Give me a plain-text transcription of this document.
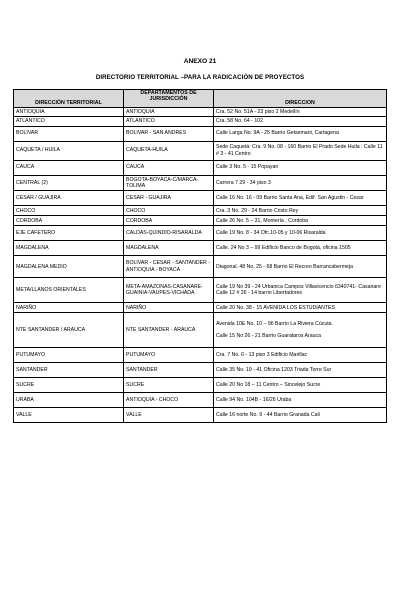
ANEXO 21
DIRECTORIO TERRITORIAL –PARA LA RADICACIÓN DE PROYECTOS
DIRECCIÓN TERRITORIAL	DEPARTAMENTOS DE JURISDICCIÓN	DIRECCION
ANTIOQUIA	ANTIOQUIA	Cra. 52 No. 51A - 23 piso 2 Medellín

ATLANTICO	ATLANTICO	Cra. 58 No. 64 - 102

BOLIVAR	BOLIVAR - SAN ANDRES	Calle Larga No. 9A - 25 Barrio Getsemani, Cartagena

CAQUETA / HUILA	CAQUETA-HUILA	Sede Caquetá: Cra. 9 No. 08 - 160 Barrio El Prado Sede Huila : Calle 11 # 3 - 41 Centro

CAUCA	CAUCA	Calle 3 No. 5 - 15 Popayan

CENTRAL (2)	BOGOTA-BOYACA-C/MARCA-TOLIMA	Carrera 7 29 - 34 piso 3

CESAR / GUAJIRA	CESAR - GUAJIRA	Calle 16 No. 16 - 09 Barrio Santa Ana, Edif. San Agustin - Cesar

CHOCO	CHOCO	Cra. 3 No. 29 - 24 Barrio Cristo Rey

CORDOBA	CORDOBA	Calle 26 No. 5 – 31, Montería , Cordoba

EJE CAFETERO	CALDAS-QUINDIO-RISARALDA	Calle 19 No. 8 - 34 Ofc.10-05 y 10-06 Risaralda

MAGDALENA	MAGDALENA	Calle. 24 No 3 – 99 Edificio Banco de Bogotá, oficina 1505

MAGDALENA MEDIO	BOLIVAR - CESAR - SANTANDER - ANTIOQUIA - BOYACA	Diagonal. 48 No. 25 - 68 Barrio El Recreo Barrancabermeja

META/LLANOS ORIENTALES	META-AMAZONAS-CASANARE-GUAINIA-VAUPES-VICHADA	Calle 19 No 39 - 24 Urbanica Campos Villavicencio 6340741- Casanare Calle 12 # 26 - 14 barrio Libertadores

NARIÑO	NARIÑO	Calle 20 No. 38 - 15 AVENIDA LOS ESTUDIANTES

NTE SANTANDER / ARAUCA	NTE SANTANDER - ARAUCA	Avenida 10E No. 10 – 96 Barrio La Riviera Cúcuta.
Calle 15 No 26 - 21 Barrio Guarataros Arauca

PUTUMAYO	PUTUMAYO	Cra. 7 No. 6 - 13 piso 3 Edificio Marillac

SANTANDER	SANTANDER	Calle 35 No. 19 - 41 Oficina 1203 Triada Torre Sur

SUCRE	SUCRE	Calle 20 No 18 – 11 Centro – Sincelejo Sucre

URABA	ANTIOQUIA - CHOCO	Calle 94 No. 104B - 16/26 Uraba

VALLE	VALLE	Calle 16 norte No. 9 - 44 Barrio Granada Cali
